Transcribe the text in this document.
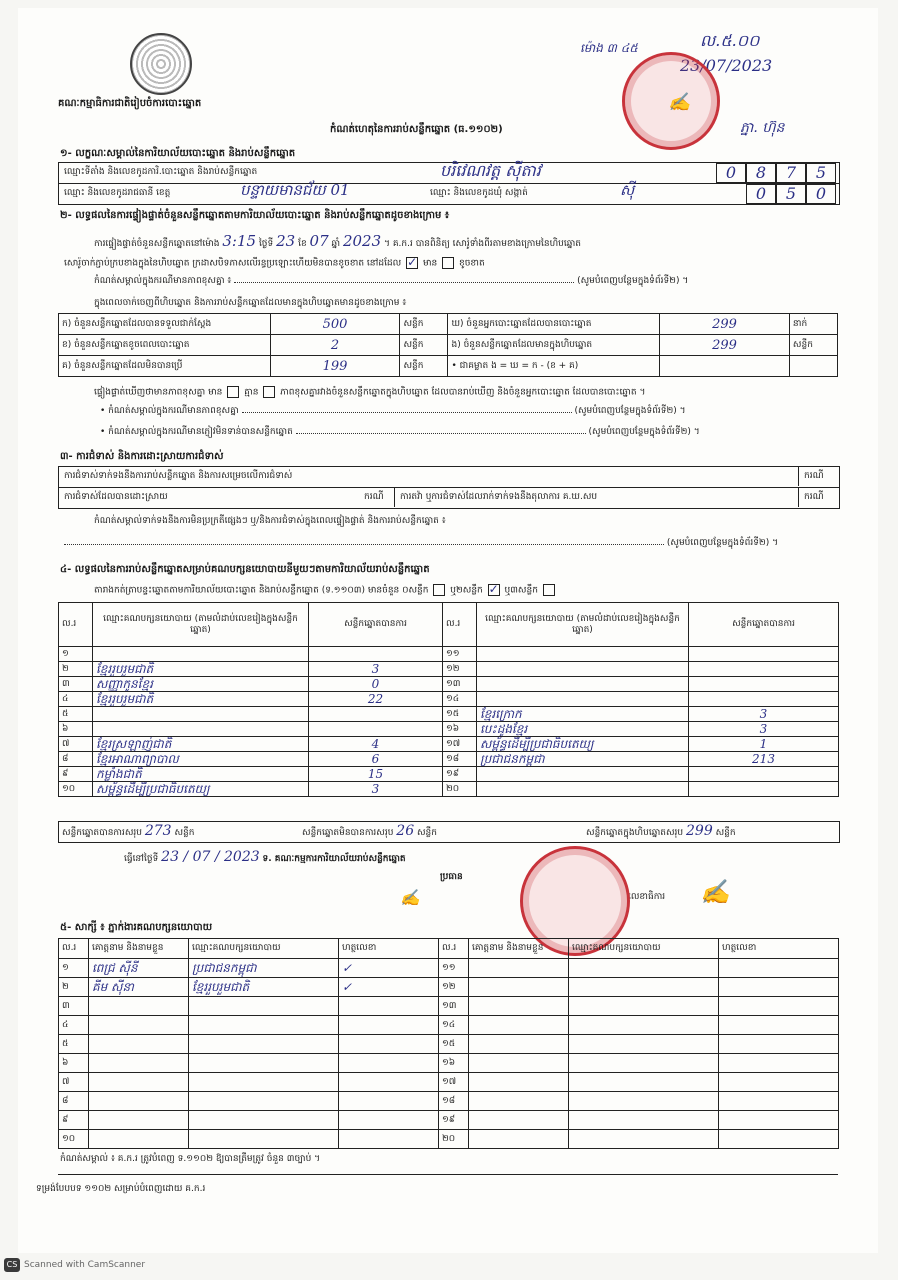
គណៈកម្មាធិការជាតិរៀបចំការបោះឆ្នោត
កំណត់ហេតុនៃការរាប់សន្លឹកឆ្នោត (ធ.១១០២)
ល.៥.០០
23/07/2023
ម៉ោង ៣ ៤៥
ភ្នា. ហ៊ុន
✍
១- លក្ខណៈសម្គាល់នៃការិយាល័យបោះឆ្នោត និងរាប់សន្លឹកឆ្នោត
ឈ្មោះទីតាំង និងលេខកូដការិ.បោះឆ្នោត និងរាប់សន្លឹកឆ្នោត	បរិវេណវត្ត ស៊ីតាវ
ឈ្មោះ និងលេខកូដរាជធានី ខេត្ត	បន្ទាយមានជ័យ 01	ឈ្មោះ និងលេខកូដឃុំ សង្កាត់	ស៊ី
0	8	7	5
0	5	0
២- លទ្ធផលនៃការផ្ទៀងផ្ទាត់ចំនួនសន្លឹកឆ្នោតតាមការិយាល័យបោះឆ្នោត និងរាប់សន្លឹកឆ្នោតដូចខាងក្រោម ៖
ការផ្ទៀងផ្ទាត់ចំនួនសន្លឹកឆ្នោតនៅម៉ោង 3:15 ថ្ងៃទី 23 ខែ 07 ឆ្នាំ 2023 ។ គ.ក.រ បានពិនិត្យ សោរ៉ូទាំងពីរតាមខាងក្រោមនៃហិបឆ្នោត
សោរ៉ូចាក់ភ្ជាប់ក្របខាងក្នុងនៃហិបឆ្នោត ក្រដាសបិទភាសលើរន្ធប្រឡោះហើយមិនបានខូចខាត នៅដដែល ✓ មាន ខូចខាត
កំណត់សម្គាល់ក្នុងករណីមានភាពខុសគ្នា ៖	(សូមបំពេញបន្ថែមក្នុងទំព័រទី២) ។
ក្នុងពេលចាក់ចេញពីហិបឆ្នោត និងការរាប់សន្លឹកឆ្នោតដែលមានក្នុងហិបឆ្នោតមានដូចខាងក្រោម ៖
ក) ចំនួនសន្លឹកឆ្នោតដែលបានទទួលជាក់ស្តែង	500	សន្លឹក	ឃ) ចំនួនអ្នកបោះឆ្នោតដែលបានបោះឆ្នោត	299	នាក់
ខ) ចំនួនសន្លឹកឆ្នោតខូចពេលបោះឆ្នោត	2	សន្លឹក	ង) ចំនួនសន្លឹកឆ្នោតដែលមានក្នុងហិបឆ្នោត	299	សន្លឹក
គ) ចំនួនសន្លឹកឆ្នោតដែលមិនបានប្រើ	199	សន្លឹក	• ជាគម្លាត ង = ឃ = ក - (ខ + គ)		
ផ្ទៀងផ្ទាត់ឃើញថាមានភាពខុសគ្នា មាន គ្មាន ភាពខុសគ្នារវាងចំនួនសន្លឹកឆ្នោតក្នុងហិបឆ្នោត ដែលបានរាប់ឃើញ និងចំនួនអ្នកបោះឆ្នោត ដែលបានបោះឆ្នោត ។
• កំណត់សម្គាល់ក្នុងករណីមានភាពខុសគ្នា	(សូមបំពេញបន្ថែមក្នុងទំព័រទី២) ។
• កំណត់សម្គាល់ក្នុងករណីមានភ្ញៀវមិនទាន់បានសន្លឹកឆ្នោត	(សូមបំពេញបន្ថែមក្នុងទំព័រទី២) ។
៣- ការជំទាស់ និងការដោះស្រាយការជំទាស់
ការជំទាស់ទាក់ទងនឹងការរាប់សន្លឹកឆ្នោត និងការសម្រេចលើការជំទាស់	ករណី
ការជំទាស់ដែលបានដោះស្រាយ	ករណី ការតវ៉ា ឬការជំទាស់ដែលរាក់ទាក់ទងនឹងតុលាការ គ.ឃ.សប	ករណី
កំណត់សម្គាល់ទាក់ទងនឹងការមិនប្រក្រតីផ្សេងៗ ឬ/និងការជំទាស់ក្នុងពេលផ្ទៀងផ្ទាត់ និងការរាប់សន្លឹកឆ្នោត ៖
(សូមបំពេញបន្ថែមក្នុងទំព័រទី២) ។
៤- លទ្ធផលនៃការរាប់សន្លឹកឆ្នោតសម្រាប់គណបក្សនយោបាយនីមួយៗតាមការិយាល័យរាប់សន្លឹកឆ្នោត
តារាងកត់ត្រាបន្ទះឆ្នោតតាមការិយាល័យបោះឆ្នោត និងរាប់សន្លឹកឆ្នោត (ទ.១១០៣) មានចំនួន ០សន្លឹក ឬ២សន្លឹក ✓ ឬ៣សន្លឹក
ល.រ	ឈ្មោះគណបក្សនយោបាយ (តាមលំដាប់លេខរៀងក្នុងសន្លឹកឆ្នោត)	សន្លឹកឆ្នោតបានការ	ល.រ	ឈ្មោះគណបក្សនយោបាយ (តាមលំដាប់លេខរៀងក្នុងសន្លឹកឆ្នោត)	សន្លឹកឆ្នោតបានការ
១			១១		
២	ខ្មែររួបរួមជាតិ	3	១២		
៣	សញ្ញាកូនខ្មែរ	0	១៣		
៤	ខ្មែររួបរួមជាតិ	22	១៤		
៥			១៥	ខ្មែរក្រោក	3
៦			១៦	បេះដូងខ្មែរ	3
៧	ខ្មែរស្រឡាញ់ជាតិ	4	១៧	សម្ព័ន្ធដើម្បីប្រជាធិបតេយ្យ	1
៨	ខ្មែរអាណាព្យាបាល	6	១៨	ប្រជាជនកម្ពុជា	213
៩	កម្លាំងជាតិ	15	១៩		
១០	សម្ព័ន្ធដើម្បីប្រជាធិបតេយ្យ	3	២០		
សន្លឹកឆ្នោតបានការសរុប 273 សន្លឹក	សន្លឹកឆ្នោតមិនបានការសរុប 26 សន្លឹក	សន្លឹកឆ្នោតក្នុងហិបឆ្នោតសរុប 299 សន្លឹក
ធ្វើនៅថ្ងៃទី 23 / 07 / 2023 ទ. គណៈកម្មការការិយាល័យរាប់សន្លឹកឆ្នោត
ប្រធាន
លេខាធិការ
✍	✍
៥- សាក្សី ៖ ភ្នាក់ងារគណបក្សនយោបាយ
ល.រ	គោត្តនាម និងនាមខ្លួន	ឈ្មោះគណបក្សនយោបាយ	ហត្ថលេខា	ល.រ	គោត្តនាម និងនាមខ្លួន	ឈ្មោះគណបក្សនយោបាយ	ហត្ថលេខា
១	ពេជ្រ ស៊ីនី	ប្រជាជនកម្ពុជា	✓	១១			
២	គីម ស៊ីនា	ខ្មែររួបរួមជាតិ	✓	១២			
៣				១៣			
៤				១៤			
៥				១៥			
៦				១៦			
៧				១៧			
៨				១៨			
៩				១៩			
១០				២០			
កំណត់សម្គាល់ ៖ គ.ក.រ ត្រូវបំពេញ ទ.១១០២ ឱ្យបានត្រឹមត្រូវ ចំនួន ៣ច្បាប់ ។
ទម្រង់បែបបទ ១១០២ សម្រាប់បំពេញដោយ គ.ក.រ
CS Scanned with CamScanner
